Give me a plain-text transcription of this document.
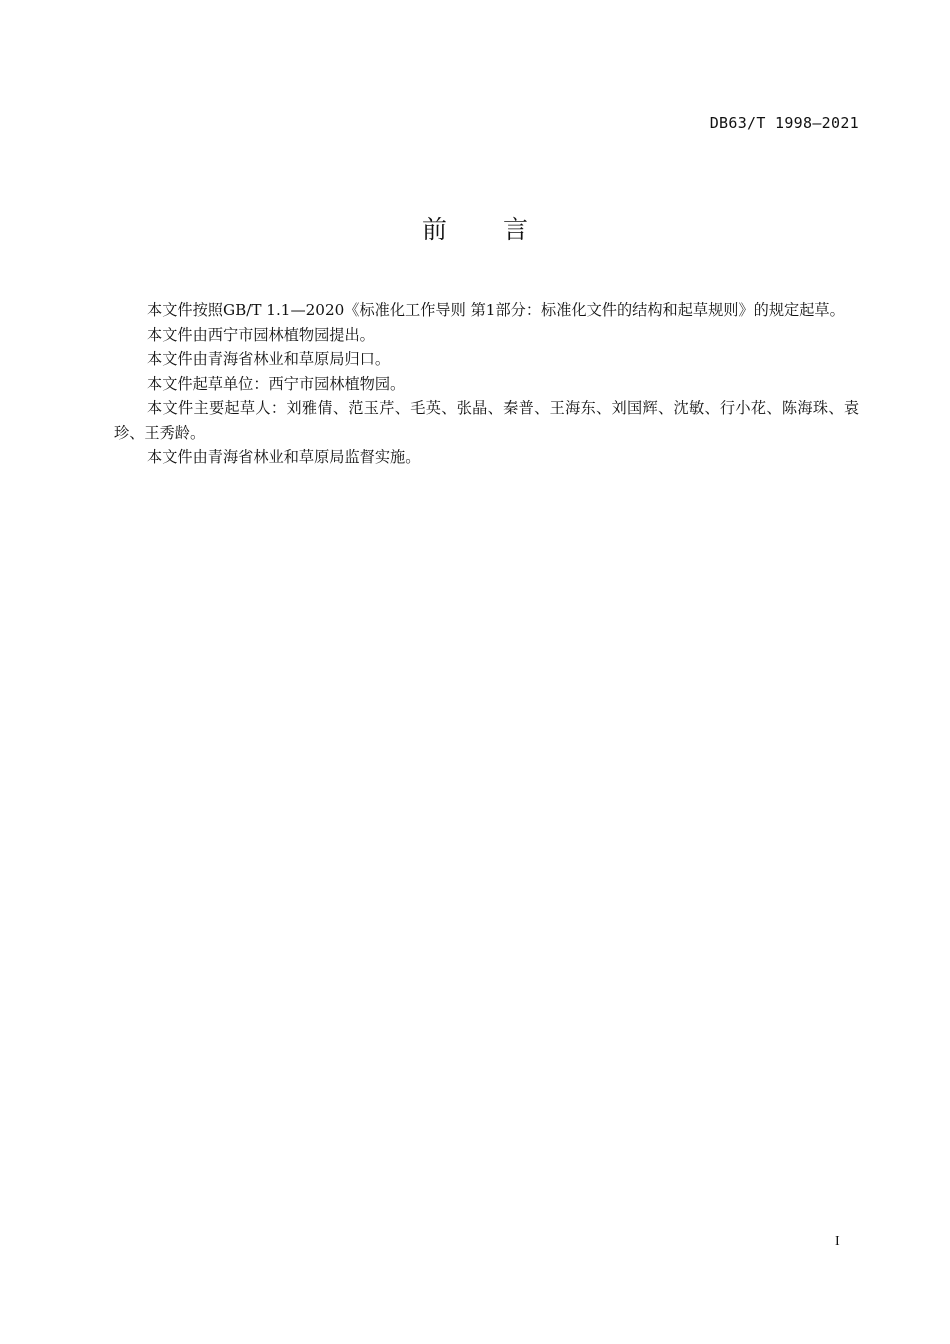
DB63/T 1998—2021
前言

本文件按照GB/T 1.1—2020《标准化工作导则 第1部分：标准化文件的结构和起草规则》的规定起草。

本文件由西宁市园林植物园提出。

本文件由青海省林业和草原局归口。

本文件起草单位：西宁市园林植物园。

本文件主要起草人：刘雅倩、范玉芹、毛英、张晶、秦普、王海东、刘国辉、沈敏、行小花、陈海珠、袁珍、王秀龄。

本文件由青海省林业和草原局监督实施。

I
